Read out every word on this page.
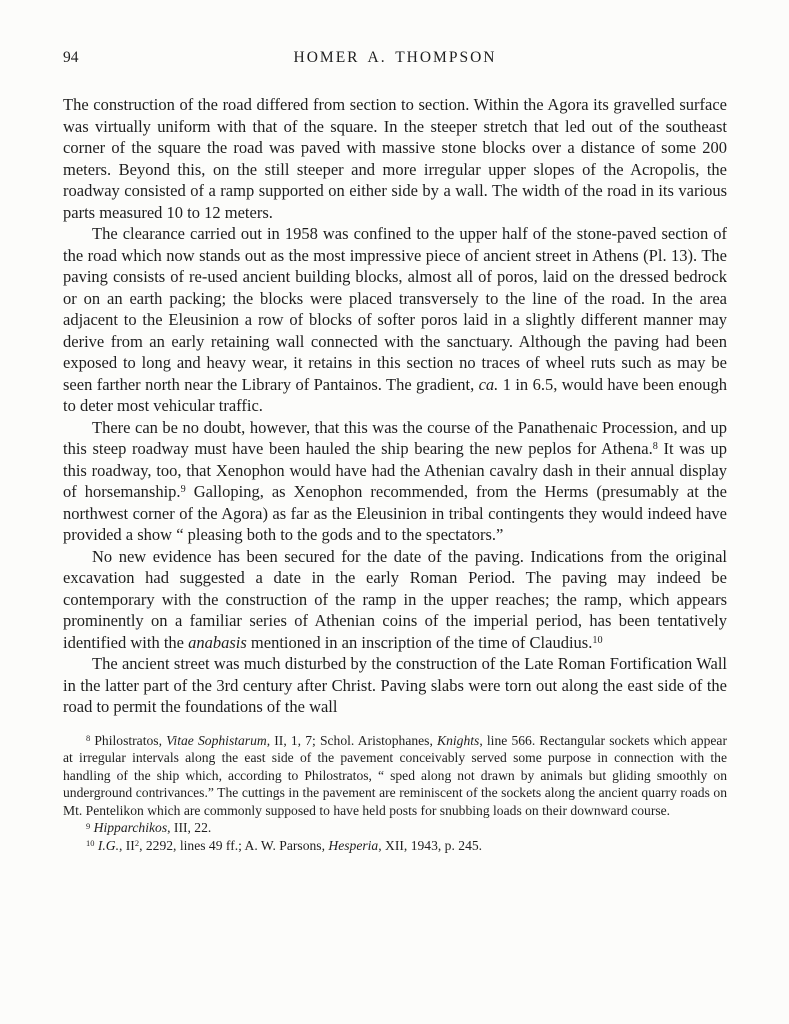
94	HOMER A. THOMPSON

The construction of the road differed from section to section. Within the Agora its gravelled surface was virtually uniform with that of the square. In the steeper stretch that led out of the southeast corner of the square the road was paved with massive stone blocks over a distance of some 200 meters. Beyond this, on the still steeper and more irregular upper slopes of the Acropolis, the roadway consisted of a ramp supported on either side by a wall. The width of the road in its various parts measured 10 to 12 meters.

The clearance carried out in 1958 was confined to the upper half of the stone-paved section of the road which now stands out as the most impressive piece of ancient street in Athens (Pl. 13). The paving consists of re-used ancient building blocks, almost all of poros, laid on the dressed bedrock or on an earth packing; the blocks were placed transversely to the line of the road. In the area adjacent to the Eleusinion a row of blocks of softer poros laid in a slightly different manner may derive from an early retaining wall connected with the sanctuary. Although the paving had been exposed to long and heavy wear, it retains in this section no traces of wheel ruts such as may be seen farther north near the Library of Pantainos. The gradient, ca. 1 in 6.5, would have been enough to deter most vehicular traffic.

There can be no doubt, however, that this was the course of the Panathenaic Procession, and up this steep roadway must have been hauled the ship bearing the new peplos for Athena.$^8$ It was up this roadway, too, that Xenophon would have had the Athenian cavalry dash in their annual display of horsemanship.$^9$ Galloping, as Xenophon recommended, from the Herms (presumably at the northwest corner of the Agora) as far as the Eleusinion in tribal contingents they would indeed have provided a show “ pleasing both to the gods and to the spectators.”

No new evidence has been secured for the date of the paving. Indications from the original excavation had suggested a date in the early Roman Period. The paving may indeed be contemporary with the construction of the ramp in the upper reaches; the ramp, which appears prominently on a familiar series of Athenian coins of the imperial period, has been tentatively identified with the anabasis mentioned in an inscription of the time of Claudius.$^{10}$

The ancient street was much disturbed by the construction of the Late Roman Fortification Wall in the latter part of the 3rd century after Christ. Paving slabs were torn out along the east side of the road to permit the foundations of the wall

$^8$ Philostratos, Vitae Sophistarum, II, 1, 7; Schol. Aristophanes, Knights, line 566. Rectangular sockets which appear at irregular intervals along the east side of the pavement conceivably served some purpose in connection with the handling of the ship which, according to Philostratos, “ sped along not drawn by animals but gliding smoothly on underground contrivances.” The cuttings in the pavement are reminiscent of the sockets along the ancient quarry roads on Mt. Pentelikon which are commonly supposed to have held posts for snubbing loads on their downward course.

$^9$ Hipparchikos, III, 22.

$^{10}$ I.G., $II^2$, 2292, lines 49 ff.; A. W. Parsons, Hesperia, XII, 1943, p. 245.
